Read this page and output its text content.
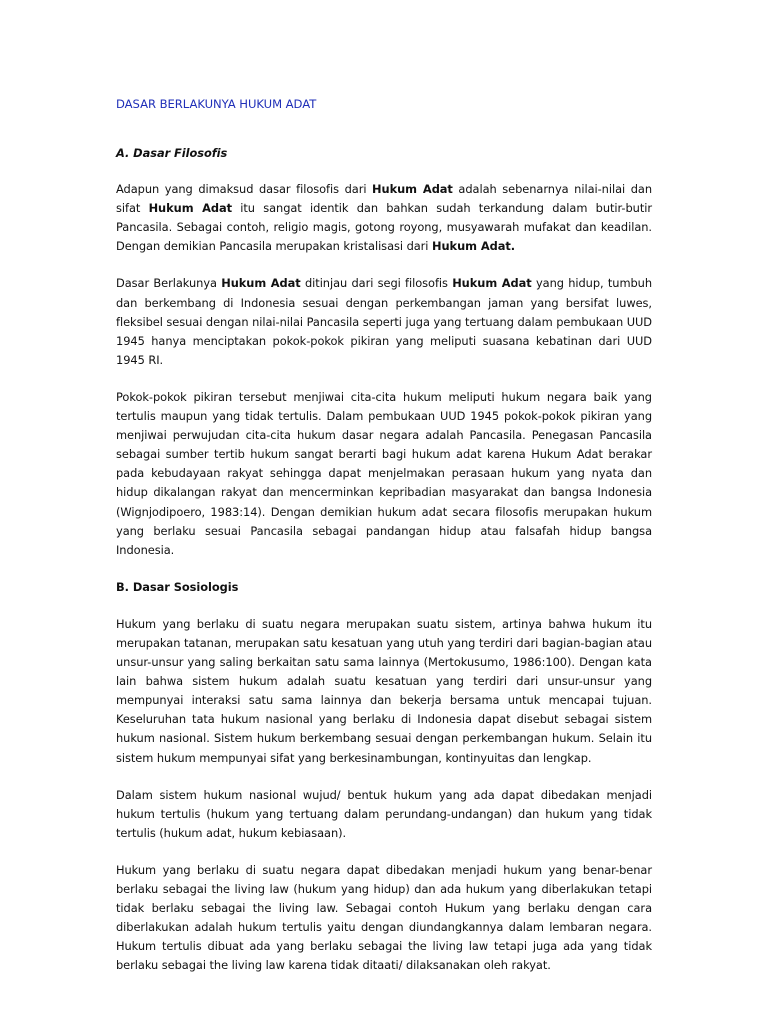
DASAR BERLAKUNYA HUKUM ADAT
A. Dasar Filosofis

Adapun yang dimaksud dasar filosofis dari Hukum Adat adalah sebenarnya nilai-nilai dan sifat Hukum Adat itu sangat identik dan bahkan sudah terkandung dalam butir-butir Pancasila. Sebagai contoh, religio magis, gotong royong, musyawarah mufakat dan keadilan. Dengan demikian Pancasila merupakan kristalisasi dari Hukum Adat.

Dasar Berlakunya Hukum Adat ditinjau dari segi filosofis Hukum Adat yang hidup, tumbuh dan berkembang di Indonesia sesuai dengan perkembangan jaman yang bersifat luwes, fleksibel sesuai dengan nilai-nilai Pancasila seperti juga yang tertuang dalam pembukaan UUD 1945 hanya menciptakan pokok-pokok pikiran yang meliputi suasana kebatinan dari UUD 1945 RI.

Pokok-pokok pikiran tersebut menjiwai cita-cita hukum meliputi hukum negara baik yang tertulis maupun yang tidak tertulis. Dalam pembukaan UUD 1945 pokok-pokok pikiran yang menjiwai perwujudan cita-cita hukum dasar negara adalah Pancasila. Penegasan Pancasila sebagai sumber tertib hukum sangat berarti bagi hukum adat karena Hukum Adat berakar pada kebudayaan rakyat sehingga dapat menjelmakan perasaan hukum yang nyata dan hidup dikalangan rakyat dan mencerminkan kepribadian masyarakat dan bangsa Indonesia (Wignjodipoero, 1983:14). Dengan demikian hukum adat secara filosofis merupakan hukum yang berlaku sesuai Pancasila sebagai pandangan hidup atau falsafah hidup bangsa Indonesia.

B. Dasar Sosiologis

Hukum yang berlaku di suatu negara merupakan suatu sistem, artinya bahwa hukum itu merupakan tatanan, merupakan satu kesatuan yang utuh yang terdiri dari bagian-bagian atau unsur-unsur yang saling berkaitan satu sama lainnya (Mertokusumo, 1986:100). Dengan kata lain bahwa sistem hukum adalah suatu kesatuan yang terdiri dari unsur-unsur yang mempunyai interaksi satu sama lainnya dan bekerja bersama untuk mencapai tujuan. Keseluruhan tata hukum nasional yang berlaku di Indonesia dapat disebut sebagai sistem hukum nasional. Sistem hukum berkembang sesuai dengan perkembangan hukum. Selain itu sistem hukum mempunyai sifat yang berkesinambungan, kontinyuitas dan lengkap.

Dalam sistem hukum nasional wujud/ bentuk hukum yang ada dapat dibedakan menjadi hukum tertulis (hukum yang tertuang dalam perundang-undangan) dan hukum yang tidak tertulis (hukum adat, hukum kebiasaan).

Hukum yang berlaku di suatu negara dapat dibedakan menjadi hukum yang benar-benar berlaku sebagai the living law (hukum yang hidup) dan ada hukum yang diberlakukan tetapi tidak berlaku sebagai the living law. Sebagai contoh Hukum yang berlaku dengan cara diberlakukan adalah hukum tertulis yaitu dengan diundangkannya dalam lembaran negara. Hukum tertulis dibuat ada yang berlaku sebagai the living law tetapi juga ada yang tidak berlaku sebagai the living law karena tidak ditaati/ dilaksanakan oleh rakyat.
